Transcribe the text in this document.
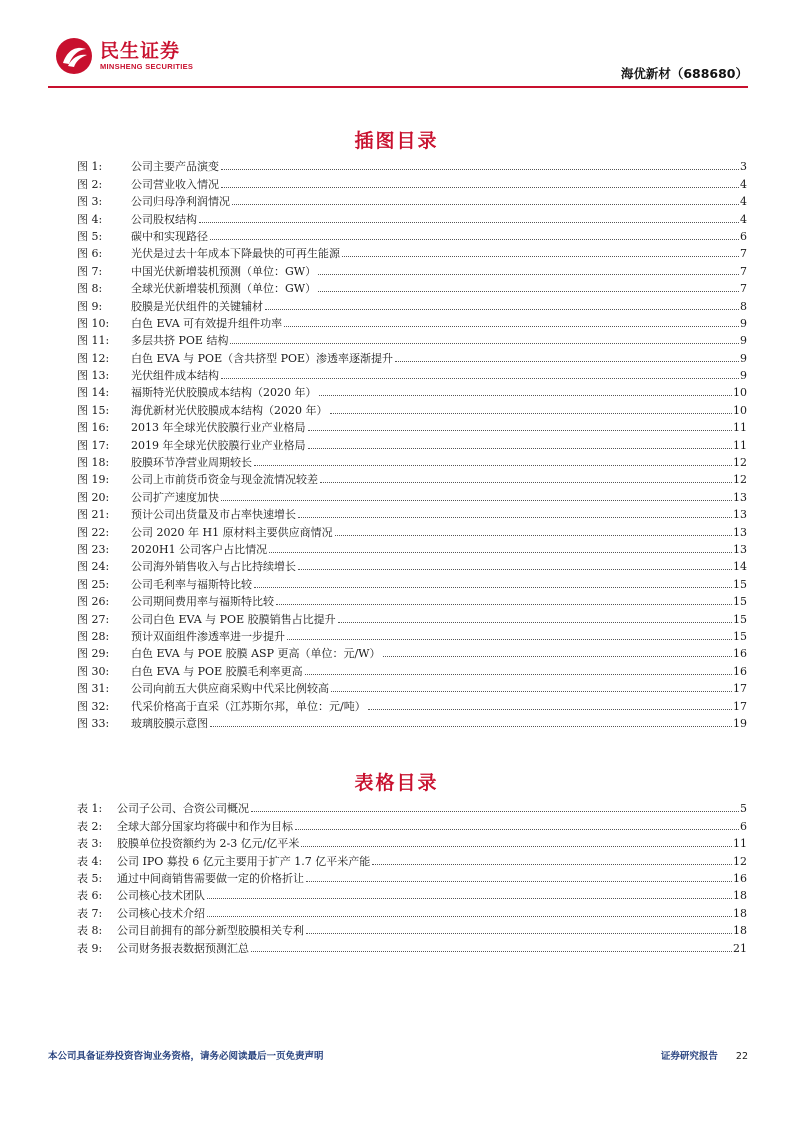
民生证券
MINSHENG SECURITIES	海优新材（688680）
插图目录
图 1:	公司主要产品演变	3
图 2:	公司营业收入情况	4
图 3:	公司归母净利润情况	4
图 4:	公司股权结构	4
图 5:	碳中和实现路径	6
图 6:	光伏是过去十年成本下降最快的可再生能源	7
图 7:	中国光伏新增装机预测（单位：GW）	7
图 8:	全球光伏新增装机预测（单位：GW）	7
图 9:	胶膜是光伏组件的关键辅材	8
图 10:	白色 EVA 可有效提升组件功率	9
图 11:	多层共挤 POE 结构	9
图 12:	白色 EVA 与 POE（含共挤型 POE）渗透率逐渐提升	9
图 13:	光伏组件成本结构	9
图 14:	福斯特光伏胶膜成本结构（2020 年）	10
图 15:	海优新材光伏胶膜成本结构（2020 年）	10
图 16:	2013 年全球光伏胶膜行业产业格局	11
图 17:	2019 年全球光伏胶膜行业产业格局	11
图 18:	胶膜环节净营业周期较长	12
图 19:	公司上市前货币资金与现金流情况较差	12
图 20:	公司扩产速度加快	13
图 21:	预计公司出货量及市占率快速增长	13
图 22:	公司 2020 年 H1 原材料主要供应商情况	13
图 23:	2020H1 公司客户占比情况	13
图 24:	公司海外销售收入与占比持续增长	14
图 25:	公司毛利率与福斯特比较	15
图 26:	公司期间费用率与福斯特比较	15
图 27:	公司白色 EVA 与 POE 胶膜销售占比提升	15
图 28:	预计双面组件渗透率进一步提升	15
图 29:	白色 EVA 与 POE 胶膜 ASP 更高（单位：元/W）	16
图 30:	白色 EVA 与 POE 胶膜毛利率更高	16
图 31:	公司向前五大供应商采购中代采比例较高	17
图 32:	代采价格高于直采（江苏斯尔邦，单位：元/吨）	17
图 33:	玻璃胶膜示意图	19
表格目录
表 1:	公司子公司、合资公司概况	5
表 2:	全球大部分国家均将碳中和作为目标	6
表 3:	胶膜单位投资额约为 2-3 亿元/亿平米	11
表 4:	公司 IPO 募投 6 亿元主要用于扩产 1.7 亿平米产能	12
表 5:	通过中间商销售需要做一定的价格折让	16
表 6:	公司核心技术团队	18
表 7:	公司核心技术介绍	18
表 8:	公司目前拥有的部分新型胶膜相关专利	18
表 9:	公司财务报表数据预测汇总	21
本公司具备证券投资咨询业务资格，请务必阅读最后一页免责声明	证券研究报告 22
